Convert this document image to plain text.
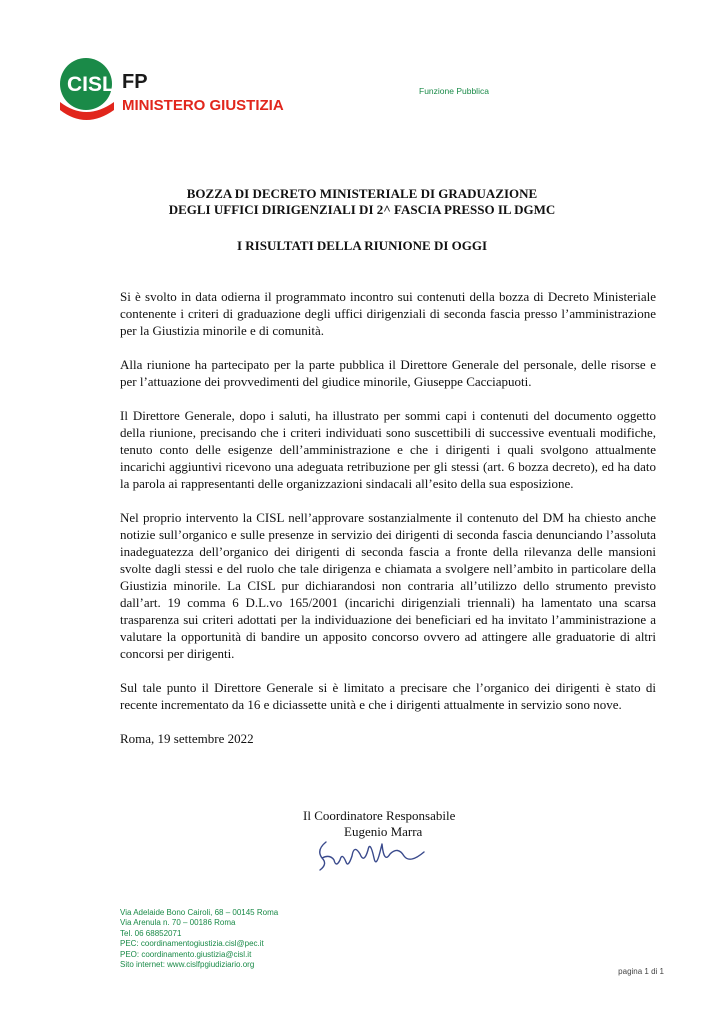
CISL FP
MINISTERO GIUSTIZIA
Funzione Pubblica
BOZZA DI DECRETO MINISTERIALE DI GRADUAZIONE
DEGLI UFFICI DIRIGENZIALI DI 2^ FASCIA PRESSO IL DGMC
I RISULTATI DELLA RIUNIONE DI OGGI

Si è svolto in data odierna il programmato incontro sui contenuti della bozza di Decreto Ministeriale contenente i criteri di graduazione degli uffici dirigenziali di seconda fascia presso l’amministrazione per la Giustizia minorile e di comunità.

Alla riunione ha partecipato per la parte pubblica il Direttore Generale del personale, delle risorse e per l’attuazione dei provvedimenti del giudice minorile, Giuseppe Cacciapuoti.

Il Direttore Generale, dopo i saluti, ha illustrato per sommi capi i contenuti del documento oggetto della riunione, precisando che i criteri individuati sono suscettibili di successive eventuali modifiche, tenuto conto delle esigenze dell’amministrazione e che i dirigenti i quali svolgono attualmente incarichi aggiuntivi ricevono una adeguata retribuzione per gli stessi (art. 6 bozza decreto), ed ha dato la parola ai rappresentanti delle organizzazioni sindacali all’esito della sua esposizione.

Nel proprio intervento la CISL nell’approvare sostanzialmente il contenuto del DM ha chiesto anche notizie sull’organico e sulle presenze in servizio dei dirigenti di seconda fascia denunciando l’assoluta inadeguatezza dell’organico dei dirigenti di seconda fascia a fronte della rilevanza delle mansioni svolte dagli stessi e del ruolo che tale dirigenza e chiamata a svolgere nell’ambito in particolare della Giustizia minorile. La CISL pur dichiarandosi non contraria all’utilizzo dello strumento previsto dall’art. 19 comma 6 D.L.vo 165/2001 (incarichi dirigenziali triennali) ha lamentato una scarsa trasparenza sui criteri adottati per la individuazione dei beneficiari ed ha invitato l’amministrazione a valutare la opportunità di bandire un apposito concorso ovvero ad attingere alle graduatorie di altri concorsi per dirigenti.

Sul tale punto il Direttore Generale si è limitato a precisare che l’organico dei dirigenti è stato di recente incrementato da 16 e diciassette unità e che i dirigenti attualmente in servizio sono nove.

Roma, 19 settembre 2022

Il Coordinatore Responsabile
Eugenio Marra
Via Adelaide Bono Cairoli, 68 – 00145 Roma
Via Arenula n. 70 – 00186 Roma
Tel. 06 68852071
PEC: coordinamentogiustizia.cisl@pec.it
PEO: coordinamento.giustizia@cisl.it
Sito internet: www.cislfpgiudiziario.org
pagina 1 di 1
